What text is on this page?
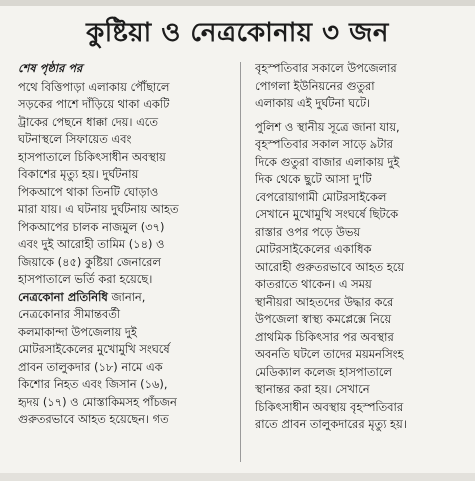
কুষ্টিয়া ও নেত্রকোনায় ৩ জন
শেষ পৃষ্ঠার পর
পথে বিত্তিপাড়া এলাকায় পৌঁছালে
সড়কের পাশে দাঁড়িয়ে থাকা একটি
ট্রাকের পেছনে ধাক্কা দেয়। এতে
ঘটনাস্থলে সিফায়েত এবং
হাসপাতালে চিকিৎসাধীন অবস্থায়
বিকাশের মৃত্যু হয়। দুর্ঘটনায়
পিকআপে থাকা তিনটি ঘোড়াও
মারা যায়। এ ঘটনায় দুর্ঘটনায় আহত
পিকআপের চালক নাজমুল (৩৭)
এবং দুই আরোহী তামিম (১৪) ও
জিয়াকে (৪৫) কুষ্টিয়া জেনারেল
হাসপাতালে ভর্তি করা হয়েছে।
নেত্রকোনা প্রতিনিধি জানান,
নেত্রকোনার সীমান্তবর্তী
কলমাকান্দা উপজেলায় দুই
মোটরসাইকেলের মুখোমুখি সংঘর্ষে
প্রাবন তালুকদার (১৮) নামে এক
কিশোর নিহত এবং জিসান (১৬),
হৃদয় (১৭) ও মোস্তাকিমসহ পাঁচজন
গুরুতরভাবে আহত হয়েছেন। গত
বৃহস্পতিবার সকালে উপজেলার
পোগলা ইউনিয়নের গুতুরা
এলাকায় এই দুর্ঘটনা ঘটে।
পুলিশ ও স্থানীয় সূত্রে জানা যায়,
বৃহস্পতিবার সকাল সাড়ে ৯টার
দিকে গুতুরা বাজার এলাকায় দুই
দিক থেকে ছুটে আসা দু'টি
বেপরোয়াগামী মোটরসাইকেল
সেখানে মুখোমুখি সংঘর্ষে ছিটকে
রাস্তার ওপর পড়ে উভয়
মোটরসাইকেলের একাধিক
আরোহী গুরুতরভাবে আহত হয়ে
কাতরাতে থাকেন। এ সময়
স্থানীয়রা আহতদের উদ্ধার করে
উপজেলা স্বাস্থ্য কমপ্লেক্সে নিয়ে
প্রাথমিক চিকিৎসার পর অবস্থার
অবনতি ঘটলে তাদের ময়মনসিংহ
মেডিক্যাল কলেজ হাসপাতালে
স্থানান্তর করা হয়। সেখানে
চিকিৎসাধীন অবস্থায় বৃহস্পতিবার
রাতে প্রাবন তালুকদারের মৃত্যু হয়।
